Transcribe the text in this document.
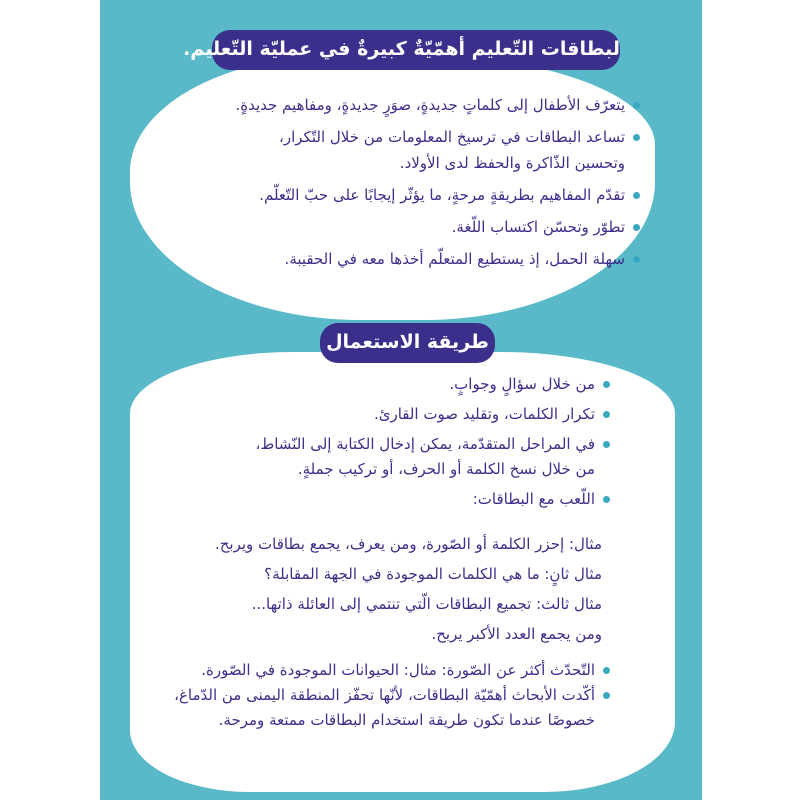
لبطاقات التّعليم أهمّيّةٌ كبيرةٌ في عمليّة التّعليم.
يتعرّف الأطفال إلى كلماتٍ جديدةٍ، صوَرٍ جديدةٍ، ومفاهيم جديدةٍ.
تساعد البطاقات في ترسيخ المعلومات من خلال التّكرار،
وتحسين الذّاكرة والحفظ لدى الأولاد.
تقدّم المفاهيم بطريقةٍ مرحةٍ، ما يؤثّر إيجابًا على حبّ التّعلّم.
تطوّر وتحسّن اكتساب اللّغة.
سهلة الحمل، إذ يستطيع المتعلّم أخذها معه في الحقيبة.
طريقة الاستعمال
من خلال سؤالٍ وجوابٍ.
تكرار الكلمات، وتقليد صوت القارئ.
في المراحل المتقدّمة، يمكن إدخال الكتابة إلى النّشاط،
من خلال نسخ الكلمة أو الحرف، أو تركيب جملةٍ.
اللّعب مع البطاقات:
مثال: إحزر الكلمة أو الصّورة، ومن يعرف، يجمع بطاقات ويربح.
مثال ثانٍ: ما هي الكلمات الموجودة في الجهة المقابلة؟
مثال ثالث: تجميع البطاقات الّتي تنتمي إلى العائلة ذاتها...
ومن يجمع العدد الأكبر يربح.
التّحدّث أكثر عن الصّورة: مثال: الحيوانات الموجودة في الصّورة.
أكّدت الأبحاث أهمّيّة البطاقات، لأنّها تحفّز المنطقة اليمنى من الدّماغ،
خصوصًا عندما تكون طريقة استخدام البطاقات ممتعة ومرحة.
